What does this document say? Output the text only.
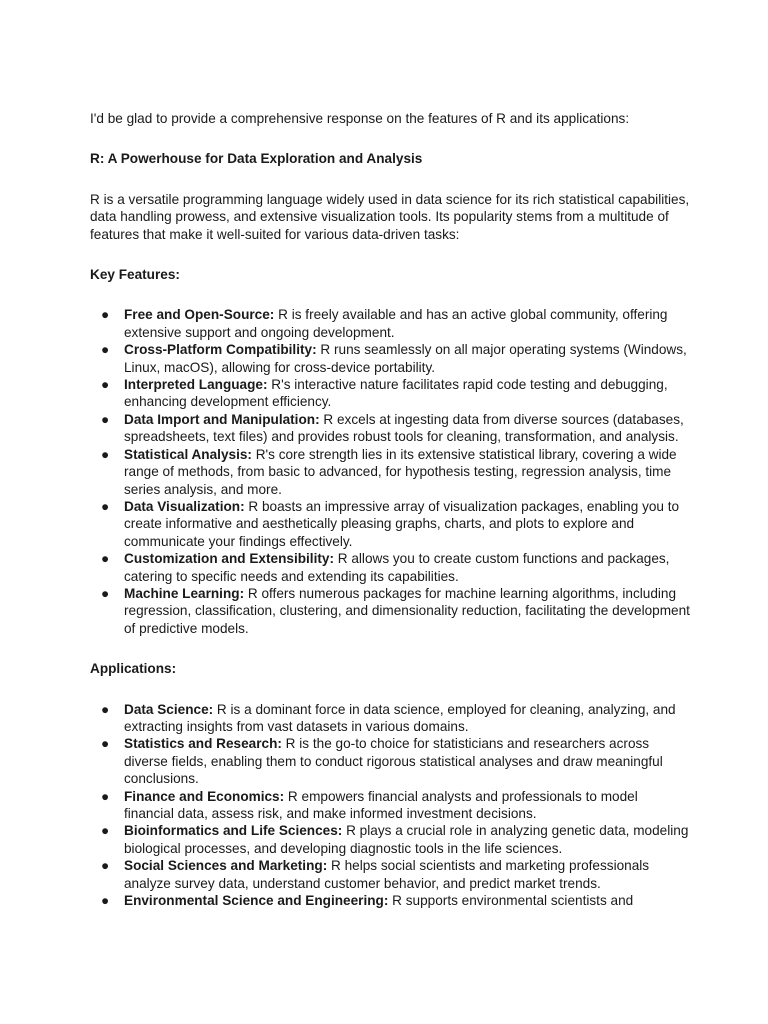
I'd be glad to provide a comprehensive response on the features of R and its applications:

R: A Powerhouse for Data Exploration and Analysis

R is a versatile programming language widely used in data science for its rich statistical capabilities, data handling prowess, and extensive visualization tools. Its popularity stems from a multitude of features that make it well-suited for various data-driven tasks:

Key Features:

● Free and Open-Source: R is freely available and has an active global community, offering extensive support and ongoing development.
● Cross-Platform Compatibility: R runs seamlessly on all major operating systems (Windows, Linux, macOS), allowing for cross-device portability.
● Interpreted Language: R's interactive nature facilitates rapid code testing and debugging, enhancing development efficiency.
● Data Import and Manipulation: R excels at ingesting data from diverse sources (databases, spreadsheets, text files) and provides robust tools for cleaning, transformation, and analysis.
● Statistical Analysis: R's core strength lies in its extensive statistical library, covering a wide range of methods, from basic to advanced, for hypothesis testing, regression analysis, time series analysis, and more.
● Data Visualization: R boasts an impressive array of visualization packages, enabling you to create informative and aesthetically pleasing graphs, charts, and plots to explore and communicate your findings effectively.
● Customization and Extensibility: R allows you to create custom functions and packages, catering to specific needs and extending its capabilities.
● Machine Learning: R offers numerous packages for machine learning algorithms, including regression, classification, clustering, and dimensionality reduction, facilitating the development of predictive models.

Applications:

● Data Science: R is a dominant force in data science, employed for cleaning, analyzing, and extracting insights from vast datasets in various domains.
● Statistics and Research: R is the go-to choice for statisticians and researchers across diverse fields, enabling them to conduct rigorous statistical analyses and draw meaningful conclusions.
● Finance and Economics: R empowers financial analysts and professionals to model financial data, assess risk, and make informed investment decisions.
● Bioinformatics and Life Sciences: R plays a crucial role in analyzing genetic data, modeling biological processes, and developing diagnostic tools in the life sciences.
● Social Sciences and Marketing: R helps social scientists and marketing professionals analyze survey data, understand customer behavior, and predict market trends.
● Environmental Science and Engineering: R supports environmental scientists and
